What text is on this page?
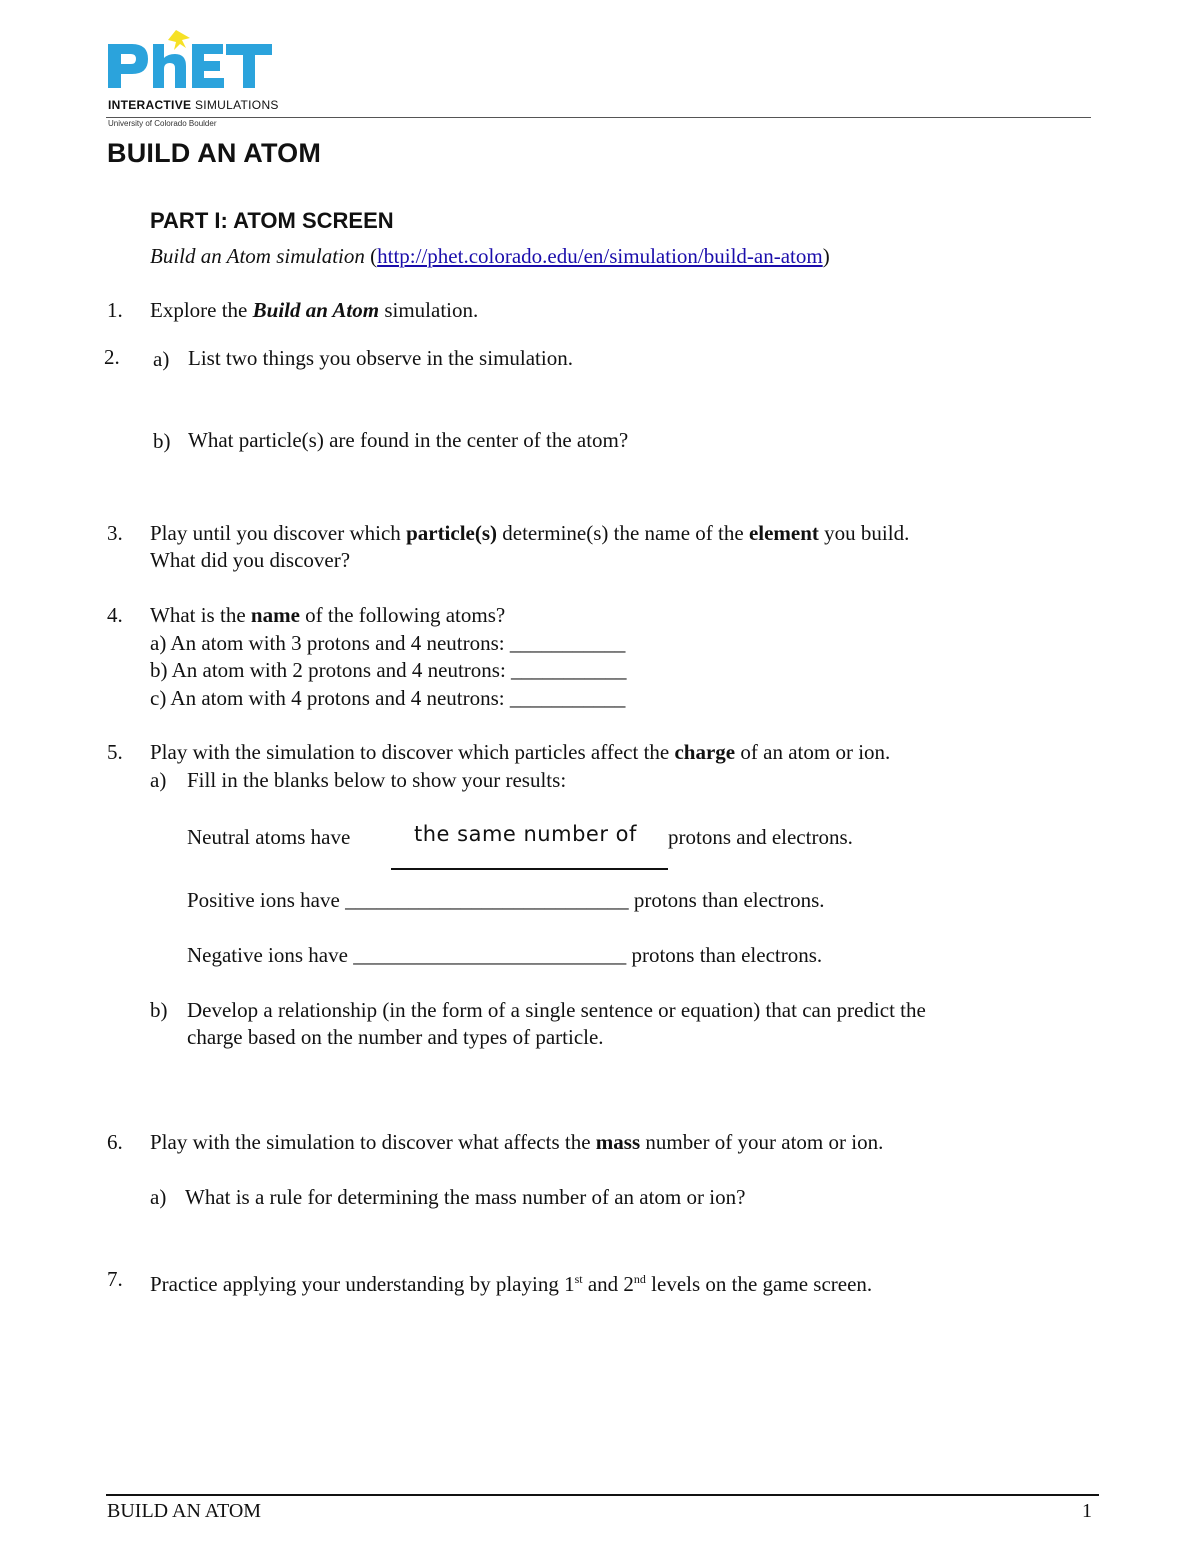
INTERACTIVE SIMULATIONS
University of Colorado Boulder
BUILD AN ATOM
PART I: ATOM SCREEN
Build an Atom simulation (http://phet.colorado.edu/en/simulation/build-an-atom)
1. Explore the Build an Atom simulation.
2. a) List two things you observe in the simulation.
b) What particle(s) are found in the center of the atom?
3. Play until you discover which particle(s) determine(s) the name of the element you build.
What did you discover?
4. What is the name of the following atoms?
a) An atom with 3 protons and 4 neutrons: ___________
b) An atom with 2 protons and 4 neutrons: ___________
c) An atom with 4 protons and 4 neutrons: ___________
5. Play with the simulation to discover which particles affect the charge of an atom or ion.
a) Fill in the blanks below to show your results:
Neutral atoms have	the same number of protons and electrons.
Positive ions have ___________________________ protons than electrons.
Negative ions have __________________________ protons than electrons.
b) Develop a relationship (in the form of a single sentence or equation) that can predict the
charge based on the number and types of particle.
6. Play with the simulation to discover what affects the mass number of your atom or ion.
a) What is a rule for determining the mass number of an atom or ion?
7. Practice applying your understanding by playing 1st and 2nd levels on the game screen.
BUILD AN ATOM	1
